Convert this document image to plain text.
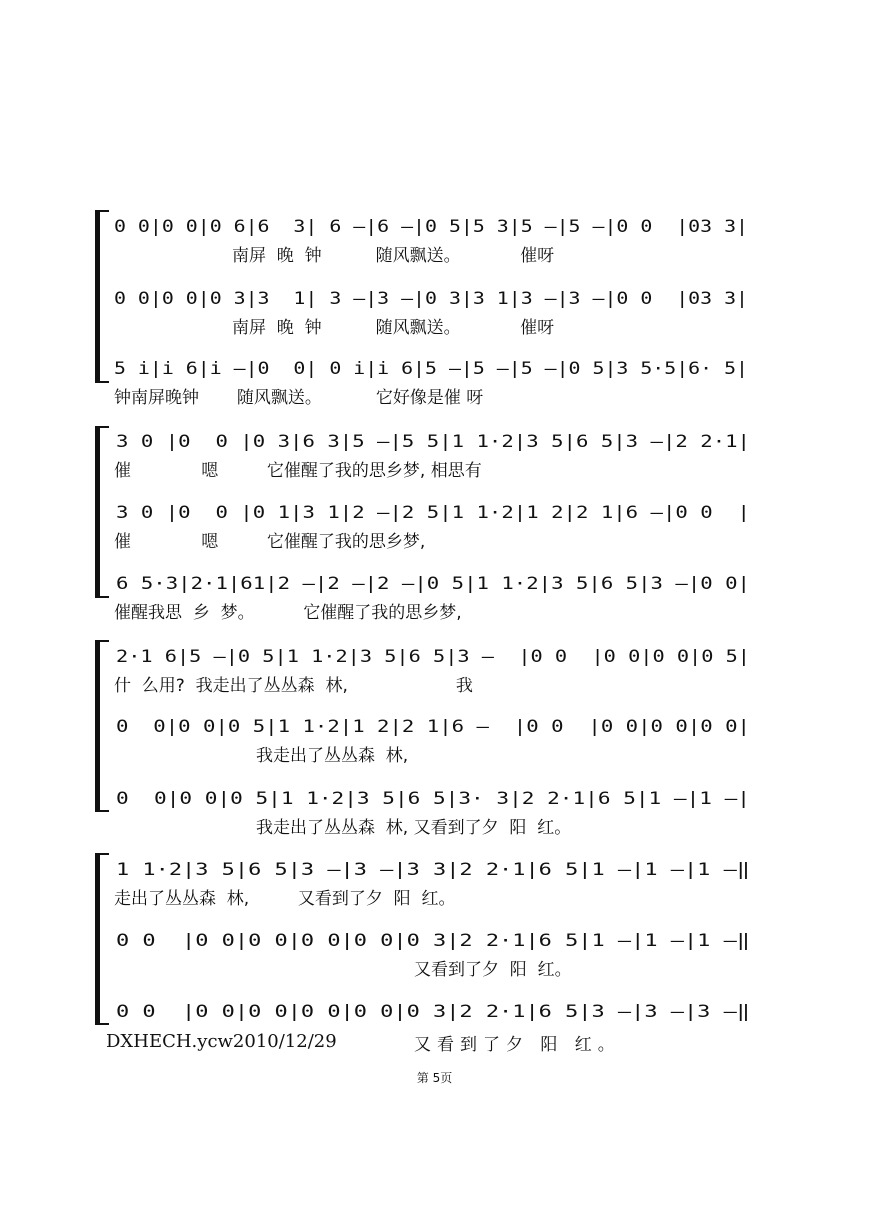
0 0|0 0|0 6|6  3| 6 –|6 –|0 5|5 3|5 –|5 –|0 0  |03 3|
南屏  晚  钟          随风飘送。           催呀
0 0|0 0|0 3|3  1| 3 –|3 –|0 3|3 1|3 –|3 –|0 0  |03 3|
南屏  晚  钟          随风飘送。           催呀
5 i|i 6|i –|0  0| 0 i|i 6|5 –|5 –|5 –|0 5|3 5·5|6· 5|
钟南屏晚钟       随风飘送。          它好像是催 呀
3 0 |0  0 |0 3|6 3|5 –|5 5|1 1·2|3 5|6 5|3 –|2 2·1|
催             嗯         它催醒了我的思乡梦, 相思有
3 0 |0  0 |0 1|3 1|2 –|2 5|1 1·2|1 2|2 1|6 –|0 0  |
催             嗯         它催醒了我的思乡梦,
6 5·3|2·1|61|2 –|2 –|2 –|0 5|1 1·2|3 5|6 5|3 –|0 0|
催醒我思  乡  梦。         它催醒了我的思乡梦,
2·1 6|5 –|0 5|1 1·2|3 5|6 5|3 –  |0 0  |0 0|0 0|0 5|
什  么用?  我走出了丛丛森  林,                    我
0  0|0 0|0 5|1 1·2|1 2|2 1|6 –  |0 0  |0 0|0 0|0 0|
我走出了丛丛森  林,
0  0|0 0|0 5|1 1·2|3 5|6 5|3· 3|2 2·1|6 5|1 –|1 –|
我走出了丛丛森  林, 又看到了夕  阳  红。
1 1·2|3 5|6 5|3 –|3 –|3 3|2 2·1|6 5|1 –|1 –|1 –‖
走出了丛丛森  林,         又看到了夕  阳  红。
0 0  |0 0|0 0|0 0|0 0|0 3|2 2·1|6 5|1 –|1 –|1 –‖
又看到了夕  阳  红。
0 0  |0 0|0 0|0 0|0 0|0 3|2 2·1|6 5|3 –|3 –|3 –‖
DXHECH.ycw2010/12/29	又看到了夕 阳 红。
第 5页
